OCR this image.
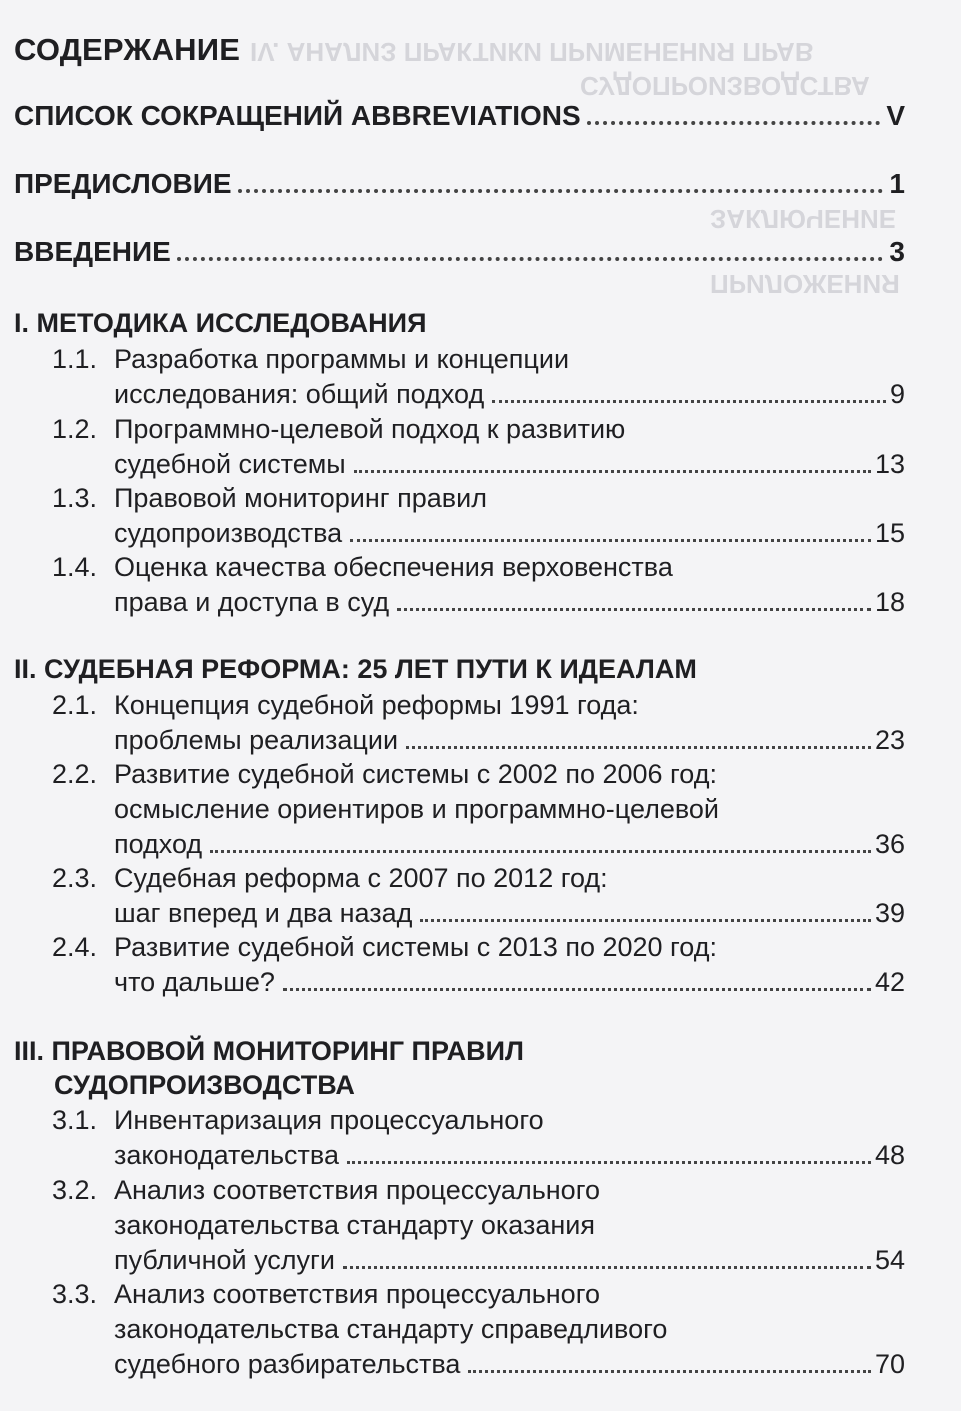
IV. АНАЛИЗ ПРАКТИКИ ПРИМЕНЕНИЯ ПРАВ
СУДОПРОИЗВОДСТВА
ЗАКЛЮЧЕНИЕ
ПРИЛОЖЕНИЯ
СОДЕРЖАНИЕ
СПИСОК СОКРАЩЕНИЙ ABBREVIATIONS	V
ПРЕДИСЛОВИЕ	1
ВВЕДЕНИЕ	3
I. МЕТОДИКА ИССЛЕДОВАНИЯ
1.1. Разработка программы и концепции
исследования: общий подход	9
1.2. Программно-целевой подход к развитию
судебной системы	13
1.3. Правовой мониторинг правил
судопроизводства	15
1.4. Оценка качества обеспечения верховенства
права и доступа в суд	18
II. СУДЕБНАЯ РЕФОРМА: 25 ЛЕТ ПУТИ К ИДЕАЛАМ
2.1. Концепция судебной реформы 1991 года:
проблемы реализации	23
2.2. Развитие судебной системы с 2002 по 2006 год:
осмысление ориентиров и программно-целевой
подход	36
2.3. Судебная реформа с 2007 по 2012 год:
шаг вперед и два назад	39
2.4. Развитие судебной системы с 2013 по 2020 год:
что дальше?	42
III. ПРАВОВОЙ МОНИТОРИНГ ПРАВИЛ
СУДОПРОИЗВОДСТВА
3.1. Инвентаризация процессуального
законодательства	48
3.2. Анализ соответствия процессуального
законодательства стандарту оказания
публичной услуги	54
3.3. Анализ соответствия процессуального
законодательства стандарту справедливого
судебного разбирательства	70
